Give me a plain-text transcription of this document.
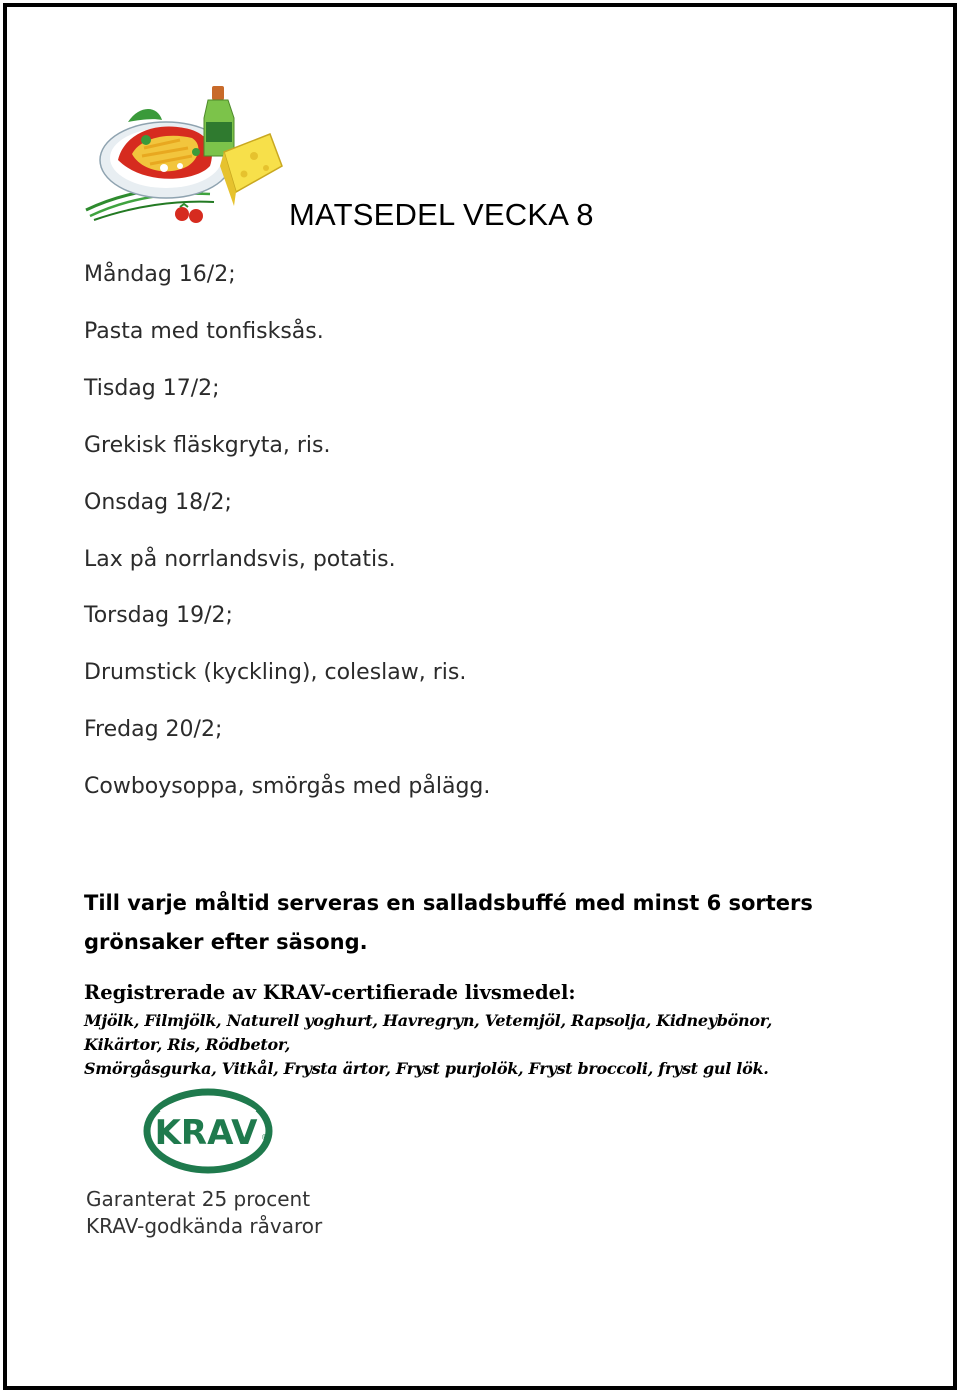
MATSEDEL VECKA 8

Måndag 16/2;

Pasta med tonfisksås.

Tisdag 17/2;

Grekisk fläskgryta, ris.

Onsdag 18/2;

Lax på norrlandsvis, potatis.

Torsdag 19/2;

Drumstick (kyckling), coleslaw, ris.

Fredag 20/2;

Cowboysoppa, smörgås med pålägg.

Till varje måltid serveras en salladsbuffé med minst 6 sorters grönsaker efter säsong.

Registrerade av KRAV-certifierade livsmedel:

Mjölk, Filmjölk, Naturell yoghurt, Havregryn, Vetemjöl, Rapsolja, Kidneybönor,

Kikärtor, Ris, Rödbetor,

Smörgåsgurka, Vitkål, Frysta ärtor, Fryst purjolök, Fryst broccoli, fryst gul lök.

KRAV ®

Garanterat 25 procent

KRAV-godkända råvaror
